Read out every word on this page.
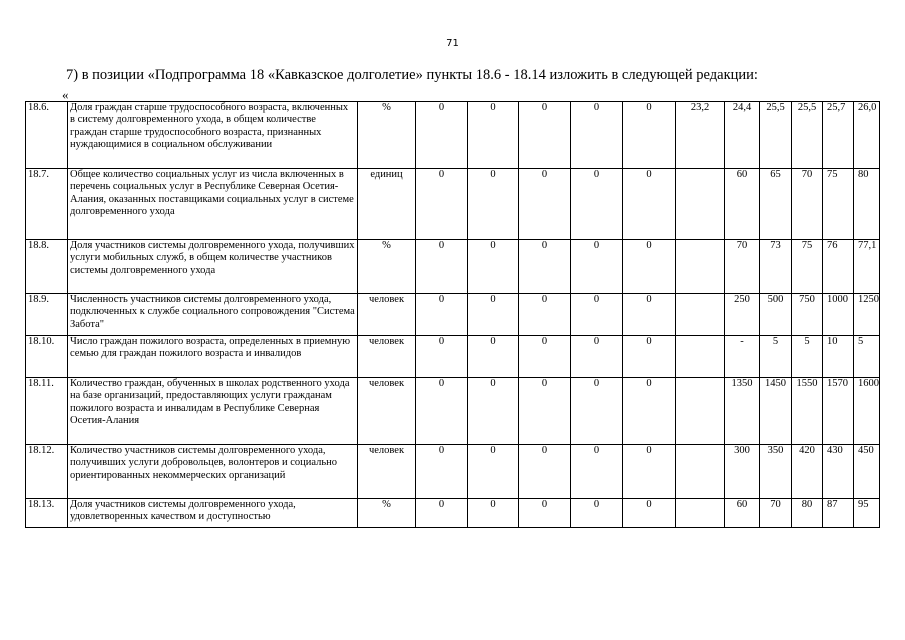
71
7) в позиции «Подпрограмма 18 «Кавказское долголетие» пункты 18.6 - 18.14 изложить в следующей редакции:
«
18.6.	Доля граждан старше трудоспособного возраста, включенных в систему долговременного ухода, в общем количестве граждан старше трудоспособного возраста, признанных нуждающимися в социальном обслуживании	%	0	0	0	0	0	23,2	24,4	25,5	25,5	25,7	26,0
18.7.	Общее количество социальных услуг из числа включенных в перечень социальных услуг в Республике Северная Осетия-Алания, оказанных поставщиками социальных услуг в системе долговременного ухода	единиц	0	0	0	0	0		60	65	70	75	80
18.8.	Доля участников системы долговременного ухода, получивших услуги мобильных служб, в общем количестве участников системы долговременного ухода	%	0	0	0	0	0		70	73	75	76	77,1
18.9.	Численность участников системы долговременного ухода, подключенных к службе социального сопровождения "Система Забота"	человек	0	0	0	0	0		250	500	750	1000	1250
18.10.	Число граждан пожилого возраста, определенных в приемную семью для граждан пожилого возраста и инвалидов	человек	0	0	0	0	0		-	5	5	10	5
18.11.	Количество граждан, обученных в школах родственного ухода на базе организаций, предоставляющих услуги гражданам пожилого возраста и инвалидам в Республике Северная Осетия-Алания	человек	0	0	0	0	0		1350	1450	1550	1570	1600
18.12.	Количество участников системы долговременного ухода, получивших услуги добровольцев, волонтеров и социально ориентированных некоммерческих организаций	человек	0	0	0	0	0		300	350	420	430	450
18.13.	Доля участников системы долговременного ухода, удовлетворенных качеством и доступностью	%	0	0	0	0	0		60	70	80	87	95
